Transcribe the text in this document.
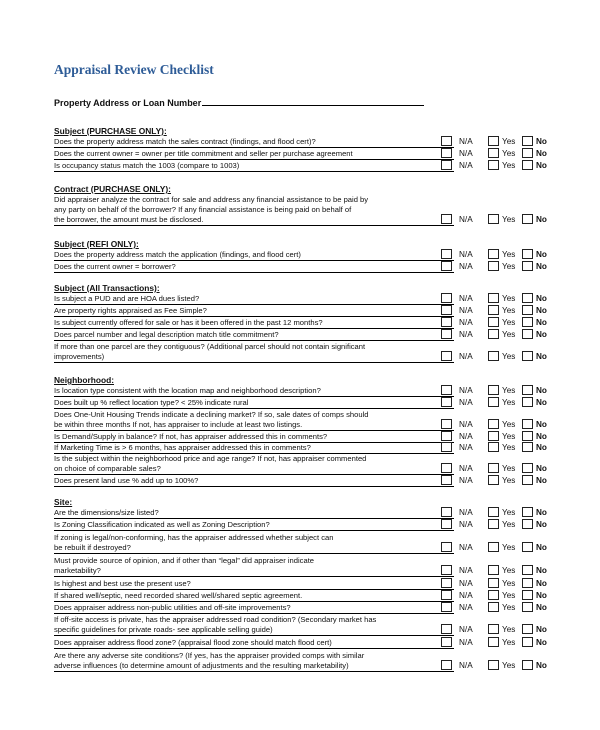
Appraisal Review Checklist
Property Address or Loan Number
Subject (PURCHASE ONLY):
Does the property address match the sales contract (findings, and flood cert)?	N/A	Yes	No
Does the current owner = owner per title commitment and seller per purchase agreement	N/A	Yes	No
Is occupancy status match the 1003 (compare to 1003)	N/A	Yes	No
Contract (PURCHASE ONLY):
Did appraiser analyze the contract for sale and address any financial assistance to be paid by
any party on behalf of the borrower? If any financial assistance is being paid on behalf of
the borrower, the amount must be disclosed.	N/A	Yes	No
Subject (REFI ONLY):
Does the property address match the application (findings, and flood cert)	N/A	Yes	No
Does the current owner = borrower?	N/A	Yes	No
Subject (All Transactions):
Is subject a PUD and are HOA dues listed?	N/A	Yes	No
Are property rights appraised as Fee Simple?	N/A	Yes	No
Is subject currently offered for sale or has it been offered in the past 12 months?	N/A	Yes	No
Does parcel number and legal description match title commitment?	N/A	Yes	No
If more than one parcel are they contiguous? (Additional parcel should not contain significant
improvements)	N/A	Yes	No
Neighborhood:
Is location type consistent with the location map and neighborhood description?	N/A	Yes	No
Does built up % reflect location type? < 25% indicate rural	N/A	Yes	No
Does One-Unit Housing Trends indicate a declining market? If so, sale dates of comps should
be within three months If not, has appraiser to include at least two listings.	N/A	Yes	No
Is Demand/Supply in balance? If not, has appraiser addressed this in comments?	N/A	Yes	No
If Marketing Time is > 6 months, has appraiser addressed this in comments?	N/A	Yes	No
Is the subject within the neighborhood price and age range? If not, has appraiser commented
on choice of comparable sales?	N/A	Yes	No
Does present land use % add up to 100%?	N/A	Yes	No
Site:
Are the dimensions/size listed?	N/A	Yes	No
Is Zoning Classification indicated as well as Zoning Description?	N/A	Yes	No
If zoning is legal/non-conforming, has the appraiser addressed whether subject can
be rebuilt if destroyed?	N/A	Yes	No
Must provide source of opinion, and if other than “legal” did appraiser indicate
marketability?	N/A	Yes	No
Is highest and best use the present use?	N/A	Yes	No
If shared well/septic, need recorded shared well/shared septic agreement.	N/A	Yes	No
Does appraiser address non-public utilities and off-site improvements?	N/A	Yes	No
If off-site access is private, has the appraiser addressed road condition? (Secondary market has
specific guidelines for private roads- see applicable selling guide)	N/A	Yes	No
Does appraiser address flood zone? (appraisal flood zone should match flood cert)	N/A	Yes	No
Are there any adverse site conditions? (If yes, has the appraiser provided comps with similar
adverse influences (to determine amount of adjustments and the resulting marketability)	N/A	Yes	No
